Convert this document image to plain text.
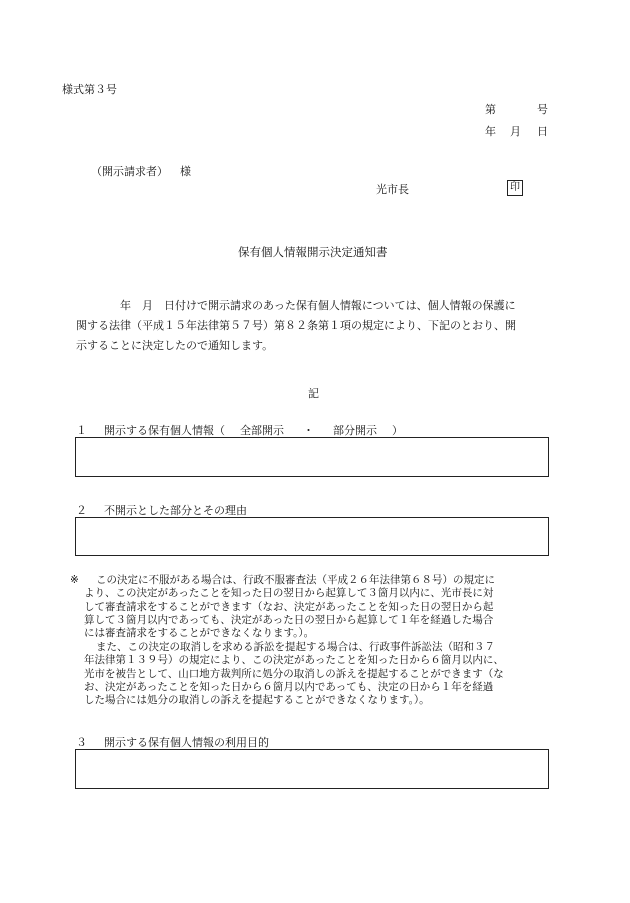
様式第３号
第	号
年 月 日
（開示請求者） 様
光市長	印
保有個人情報開示決定通知書
年　月　日付けで開示請求のあった保有個人情報については、個人情報の保護に
関する法律（平成１５年法律第５７号）第８２条第１項の規定により、下記のとおり、開
示することに決定したので通知します。
記
１ 開示する保有個人情報（ 全部開示 ・ 部分開示 ）
２ 不開示とした部分とその理由
※	この決定に不服がある場合は、行政不服審査法（平成２６年法律第６８号）の規定に
より、この決定があったことを知った日の翌日から起算して３箇月以内に、光市長に対
して審査請求をすることができます（なお、決定があったことを知った日の翌日から起
算して３箇月以内であっても、決定があった日の翌日から起算して１年を経過した場合
には審査請求をすることができなくなります。）。
また、この決定の取消しを求める訴訟を提起する場合は、行政事件訴訟法（昭和３７
年法律第１３９号）の規定により、この決定があったことを知った日から６箇月以内に、
光市を被告として、山口地方裁判所に処分の取消しの訴えを提起することができます（な
お、決定があったことを知った日から６箇月以内であっても、決定の日から１年を経過
した場合には処分の取消しの訴えを提起することができなくなります。）。
３ 開示する保有個人情報の利用目的
